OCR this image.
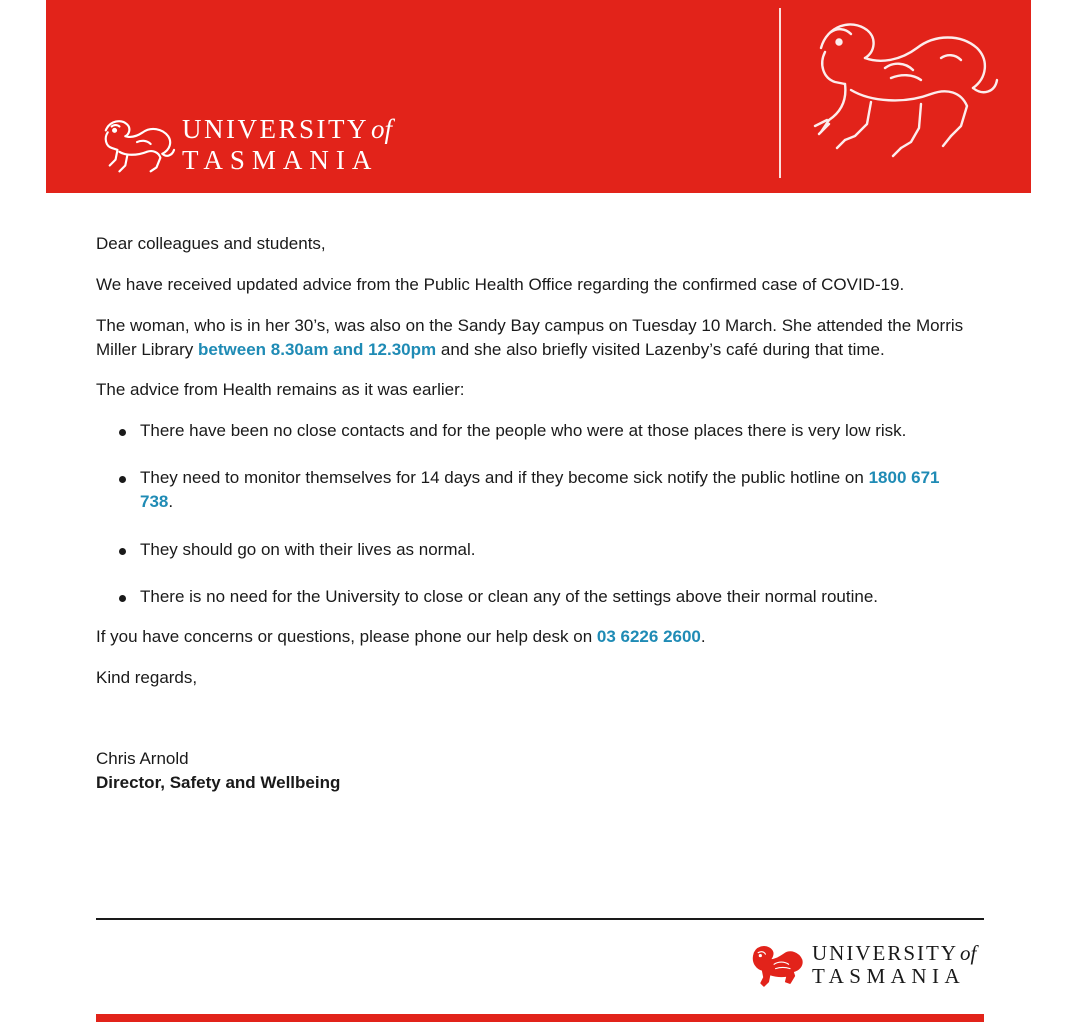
UNIVERSITYof
TASMANIA

Dear colleagues and students,

We have received updated advice from the Public Health Office regarding the confirmed case of COVID-19.

The woman, who is in her 30’s, was also on the Sandy Bay campus on Tuesday 10 March. She attended the Morris Miller Library between 8.30am and 12.30pm and she also briefly visited Lazenby’s café during that time.

The advice from Health remains as it was earlier:

There have been no close contacts and for the people who were at those places there is very low risk.
They need to monitor themselves for 14 days and if they become sick notify the public hotline on 1800 671 738.
They should go on with their lives as normal.
There is no need for the University to close or clean any of the settings above their normal routine.

If you have concerns or questions, please phone our help desk on 03 6226 2600.

Kind regards,

Chris Arnold

Director, Safety and Wellbeing

UNIVERSITYof
TASMANIA
